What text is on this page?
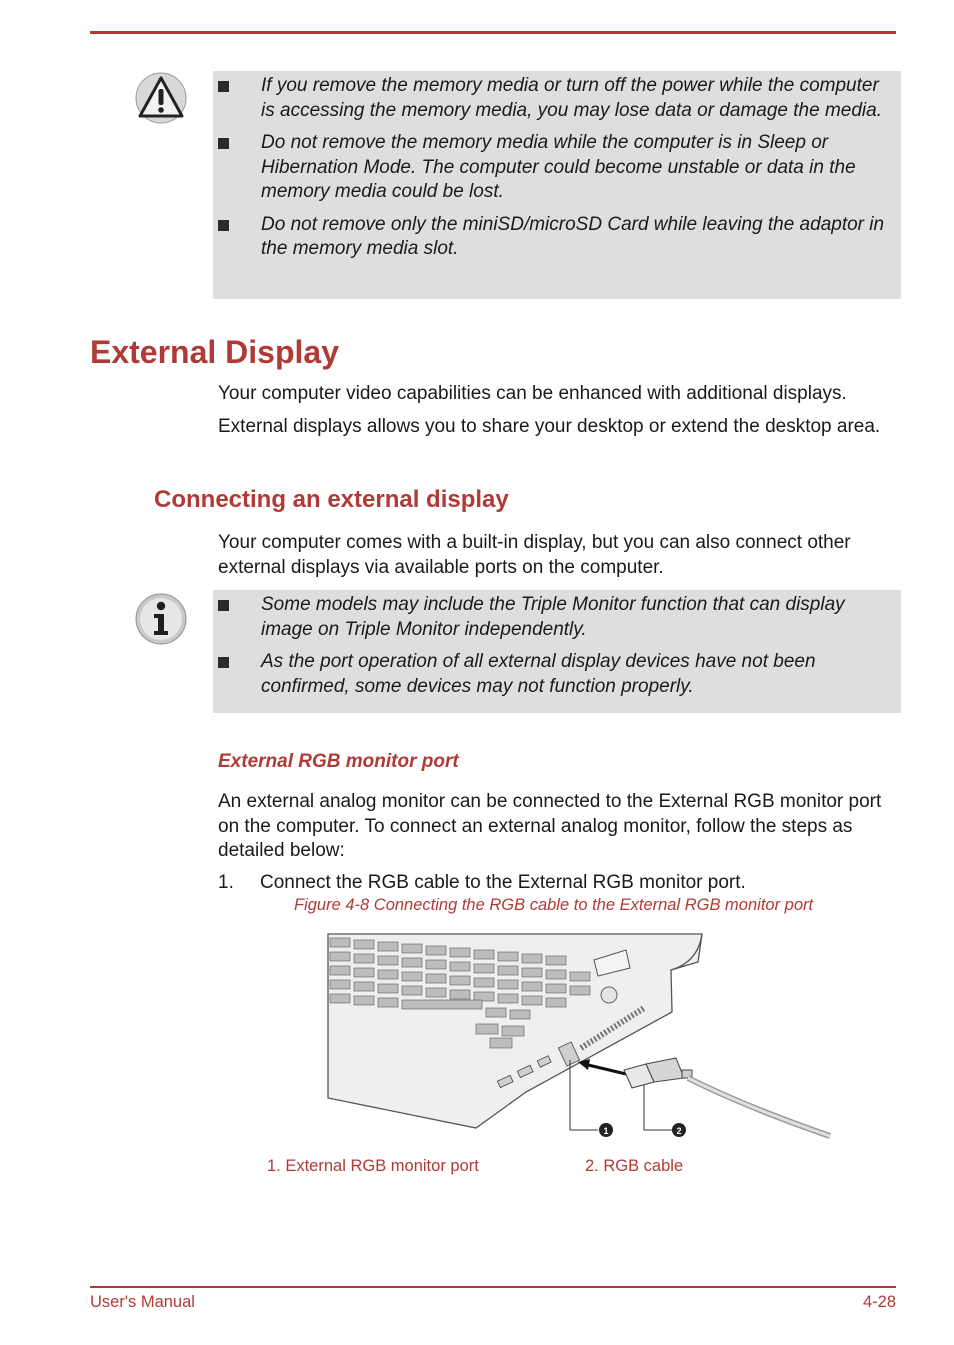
If you remove the memory media or turn off the power while the computer is accessing the memory media, you may lose data or damage the media.
Do not remove the memory media while the computer is in Sleep or Hibernation Mode. The computer could become unstable or data in the memory media could be lost.
Do not remove only the miniSD/microSD Card while leaving the adaptor in the memory media slot.
External Display

Your computer video capabilities can be enhanced with additional displays.

External displays allows you to share your desktop or extend the desktop area.

Connecting an external display

Your computer comes with a built-in display, but you can also connect other external displays via available ports on the computer.

Some models may include the Triple Monitor function that can display image on Triple Monitor independently.
As the port operation of all external display devices have not been confirmed, some devices may not function properly.
External RGB monitor port

An external analog monitor can be connected to the External RGB monitor port on the computer. To connect an external analog monitor, follow the steps as detailed below:

1. Connect the RGB cable to the External RGB monitor port.
Figure 4-8 Connecting the RGB cable to the External RGB monitor port
1	2
1. External RGB monitor port	2. RGB cable
User's Manual	4-28
